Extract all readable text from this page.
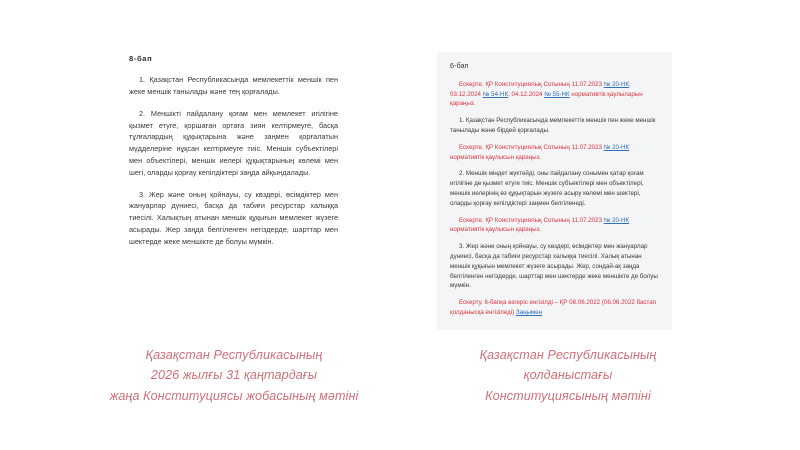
8-бап

1. Қазақстан Республикасында мемлекеттік меншік пен жеке меншік танылады және тең қорғалады.

2. Меншікті пайдалану қоғам мен мемлекет игілігіне қызмет етуге, қоршаған ортаға зиян келтірмеуге, басқа тұлғалардың құқықтарына және заңмен қорғалатын мүдделеріне нұқсан келтірмеуге тиіс. Меншік субъектілері мен объектілері, меншік иелері құқықтарының көлемі мен шегі, оларды қорғау кепілдіктері заңда айқындалады.

3. Жер және оның қойнауы, су көздері, өсімдіктер мен жануарлар дүниесі, басқа да табиғи ресурстар халыққа тиесілі. Халықтың атынан меншік құқығын мемлекет жүзеге асырады. Жер заңда белгіленген негіздерде, шарттар мен шектерде жеке меншікте де болуы мүмкін.

6-бап

Ескерте. ҚР Конституциялық Сотының 11.07.2023 № 20-НК; 03.12.2024 № 54-НК; 04.12.2024 № 55-НК нормативтік қаулыларын қараңыз.

1. Қазақстан Республикасында мемлекеттік меншік пен жеке меншік танылады және бірдей қорғалады.

Ескерте. ҚР Конституциялық Сотының 11.07.2023 № 20-НК нормативтік қаулысын қараңыз.

2. Меншік міндет жүктейді, оны пайдалану сонымен қатар қоғам игілігіне де қызмет етуге тиіс. Меншік субъектілері мен объектілері, меншік иелерінің өз құқықтарын жүзеге асыру көлемі мен шектері, оларды қорғау кепілдіктері заңмен белгіленеді.

Ескерте. ҚР Конституциялық Сотының 11.07.2023 № 20-НК нормативтік қаулысын қараңыз.

3. Жер және оның қойнауы, су көздері, өсімдіктер мен жануарлар дүниесі, басқа да табиғи ресурстар халыққа тиесілі. Халық атынан меншік құқығын мемлекет жүзеге асырады. Жер, сондай-ақ заңда белгіленген негіздерде, шарттар мен шектерде жеке меншікте де болуы мүмкін.

Ескерту. 6-бапқа өзгеріс енгізілді – ҚР 08.06.2022 (06.06.2022 бастап қолданысқа енгізіледі) Заңымен

Қазақстан Республикасының
2026 жылғы 31 қаңтардағы
жаңа Конституциясы жобасының мәтіні
Қазақстан Республикасының
қолданыстағы
Конституциясының мәтіні
